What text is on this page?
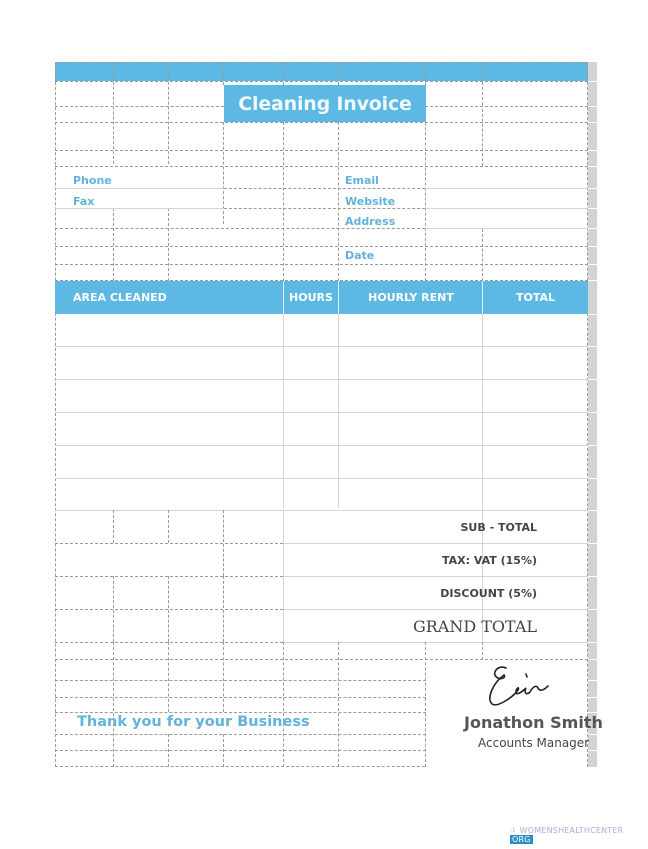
Cleaning Invoice
Phone
Fax
Email
Website
Address
Date
AREA CLEANED	HOURS	HOURLY RENT	TOTAL
SUB - TOTAL
TAX: VAT (15%)
DISCOUNT (5%)
GRAND TOTAL
Thank you for your Business	Jonathon Smith
Accounts Manager
⁘ WOMENSHEALTHCENTER ORG
